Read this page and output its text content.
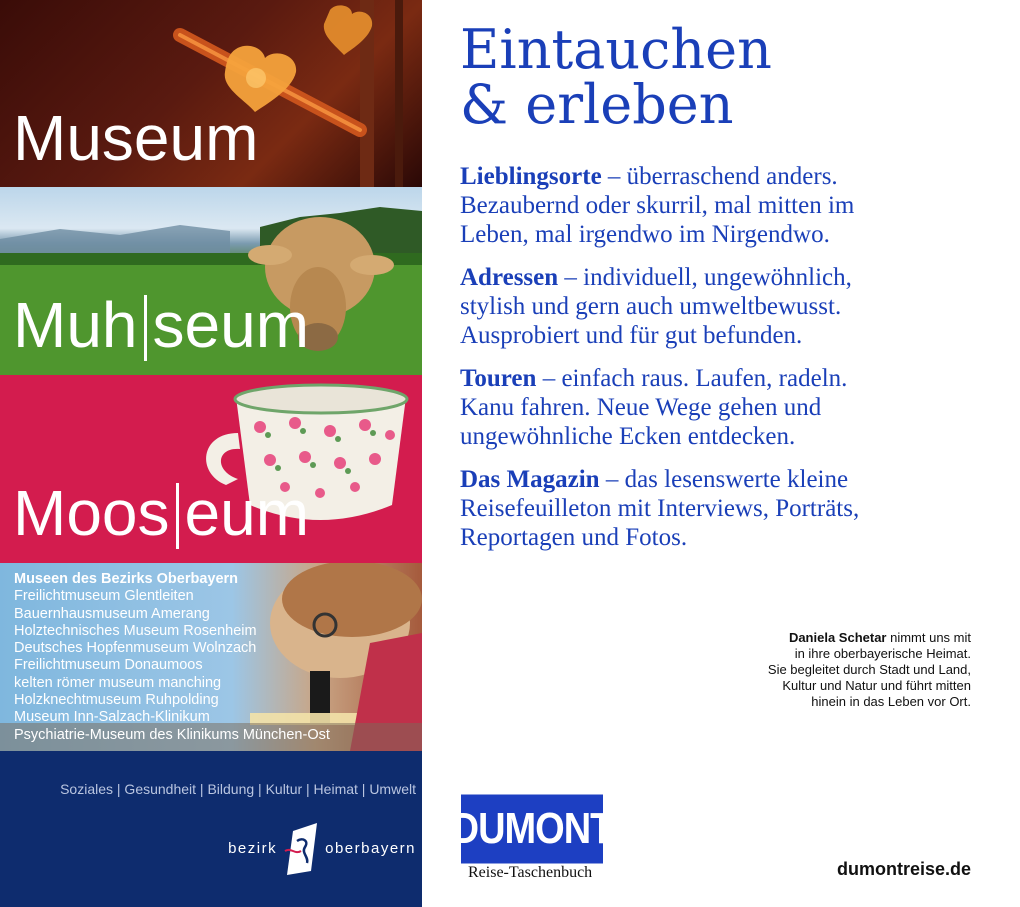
Museum
Muh seum
Moos eum
Museen des Bezirks Oberbayern
Freilichtmuseum Glentleiten
Bauernhausmuseum Amerang
Holztechnisches Museum Rosenheim
Deutsches Hopfenmuseum Wolnzach
Freilichtmuseum Donaumoos
kelten römer museum manching
Holzknechtmuseum Ruhpolding
Museum Inn-Salzach-Klinikum
Psychiatrie-Museum des Klinikums München-Ost
Soziales | Gesundheit | Bildung | Kultur | Heimat | Umwelt
bezirk	oberbayern
Eintauchen
& erleben

Lieblingsorte – überraschend anders. Bezaubernd oder skurril, mal mitten im Leben, mal irgendwo im Nirgendwo.

Adressen – individuell, ungewöhnlich, stylish und gern auch umweltbewusst. Ausprobiert und für gut befunden.

Touren – einfach raus. Laufen, radeln. Kanu fahren. Neue Wege gehen und ungewöhnliche Ecken entdecken.

Das Magazin – das lesenswerte kleine Reisefeuilleton mit Interviews, Porträts, Reportagen und Fotos.

Daniela Schetar nimmt uns mit
in ihre oberbayerische Heimat.
Sie begleitet durch Stadt und Land,
Kultur und Natur und führt mitten
hinein in das Leben vor Ort.

DUMONT
Reise-Taschenbuch	dumontreise.de
